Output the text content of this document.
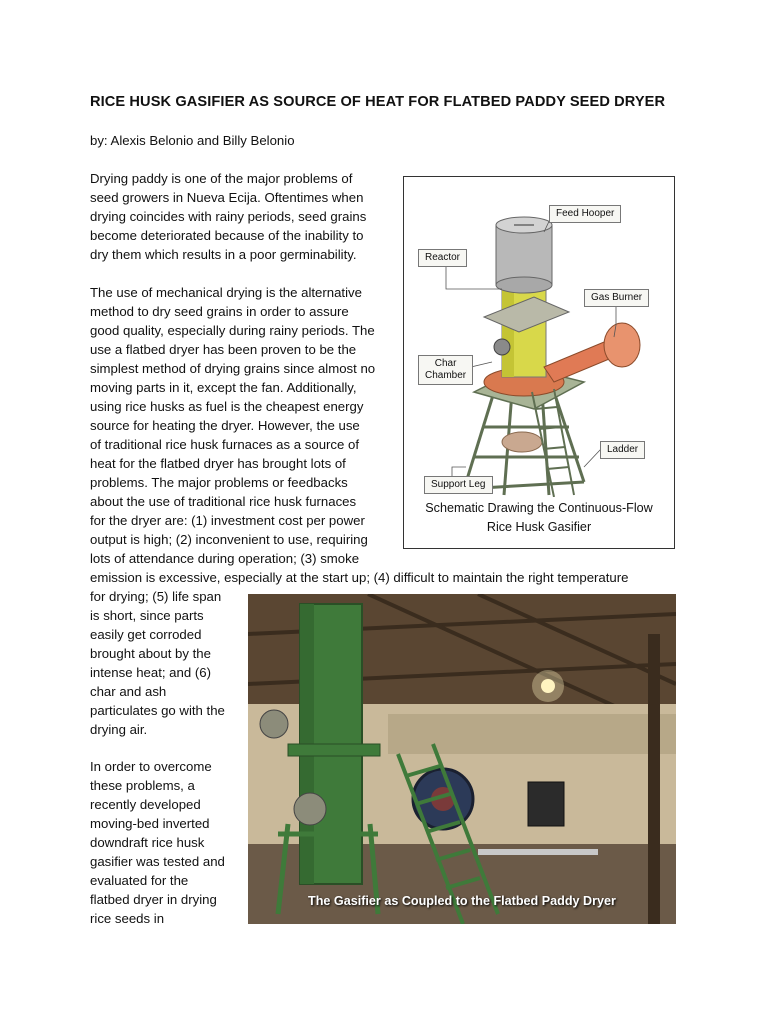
RICE HUSK GASIFIER AS SOURCE OF HEAT FOR FLATBED PADDY SEED DRYER
by: Alexis Belonio and Billy Belonio
Drying paddy is one of the major problems of
seed growers in Nueva Ecija. Oftentimes when
drying coincides with rainy periods, seed grains
become deteriorated because of the inability to
dry them which results in a poor germinability.
The use of mechanical drying is the alternative
method to dry seed grains in order to assure
good quality, especially during rainy periods. The
use a flatbed dryer has been proven to be the
simplest method of drying grains since almost no
moving parts in it, except the fan. Additionally,
using rice husks as fuel is the cheapest energy
source for heating the dryer. However, the use
of traditional rice husk furnaces as a source of
heat for the flatbed dryer has brought lots of
problems. The major problems or feedbacks
about the use of traditional rice husk furnaces
for the dryer are: (1) investment cost per power
output is high; (2) inconvenient to use, requiring
lots of attendance during operation; (3) smoke
emission is excessive, especially at the start up; (4) difficult to maintain the right temperature
for drying; (5) life span
is short, since parts
easily get corroded
brought about by the
intense heat; and (6)
char and ash
particulates go with the
drying air.
In order to overcome
these problems, a
recently developed
moving-bed inverted
downdraft rice husk
gasifier was tested and
evaluated for the
flatbed dryer in drying
rice seeds in
Feed Hooper
Reactor
Gas Burner
Char
Chamber
Ladder
Support Leg
Schematic Drawing the Continuous-Flow
Rice Husk Gasifier
The Gasifier as Coupled to the Flatbed Paddy Dryer
